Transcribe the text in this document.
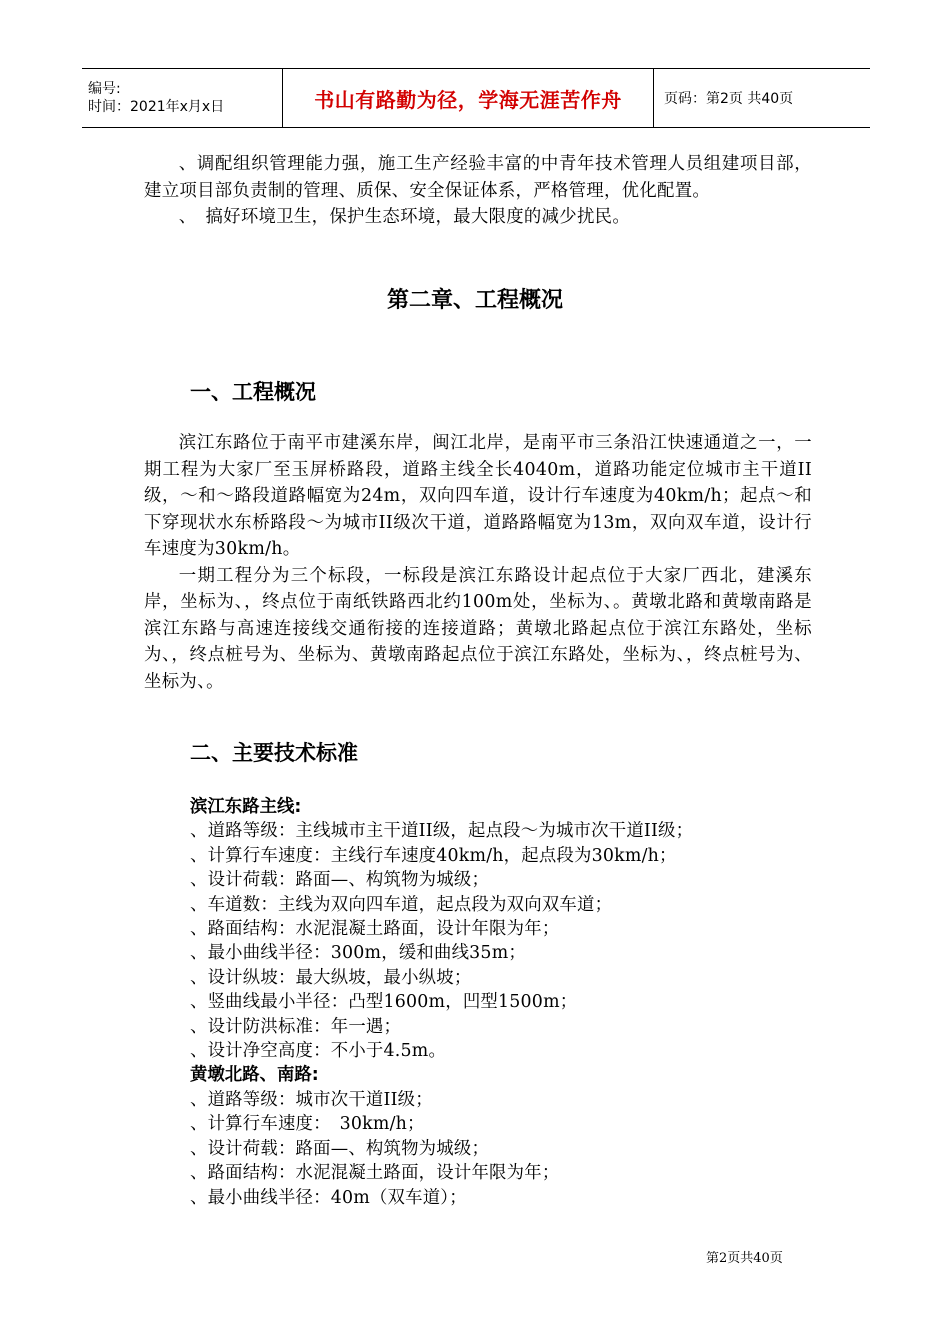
编号:
时间：2021年x月x日	书山有路勤为径，学海无涯苦作舟	页码：第2页 共40页

、调配组织管理能力强，施工生产经验丰富的中青年技术管理人员组建项目部，建立项目部负责制的管理、质保、安全保证体系，严格管理，优化配置。

、　搞好环境卫生，保护生态环境，最大限度的减少扰民。

第二章、工程概况
一、工程概况

滨江东路位于南平市建溪东岸，闽江北岸，是南平市三条沿江快速通道之一，一期工程为大家厂至玉屏桥路段，道路主线全长4040m，道路功能定位城市主干道II级，～和～路段道路幅宽为24m，双向四车道，设计行车速度为40km/h；起点～和下穿现状水东桥路段～为城市II级次干道，道路路幅宽为13m，双向双车道，设计行车速度为30km/h。

一期工程分为三个标段，一标段是滨江东路设计起点位于大家厂西北，建溪东岸，坐标为、，终点位于南纸铁路西北约100m处，坐标为、。黄墩北路和黄墩南路是滨江东路与高速连接线交通衔接的连接道路；黄墩北路起点位于滨江东路处，坐标为、，终点桩号为、坐标为、黄墩南路起点位于滨江东路处，坐标为、，终点桩号为、坐标为、。

二、主要技术标准

滨江东路主线:

、道路等级：主线城市主干道II级，起点段～为城市次干道II级；

、计算行车速度：主线行车速度40km/h，起点段为30km/h；

、设计荷载：路面—、构筑物为城级；

、车道数：主线为双向四车道，起点段为双向双车道；

、路面结构：水泥混凝土路面，设计年限为年；

、最小曲线半径：300m，缓和曲线35m；

、设计纵坡：最大纵坡，最小纵坡；

、竖曲线最小半径：凸型1600m，凹型1500m；

、设计防洪标准：年一遇；

、设计净空高度：不小于4.5m。

黄墩北路、南路:

、道路等级：城市次干道II级；

、计算行车速度：　30km/h；

、设计荷载：路面—、构筑物为城级；

、路面结构：水泥混凝土路面，设计年限为年；

、最小曲线半径：40m（双车道）；

第2页共40页
